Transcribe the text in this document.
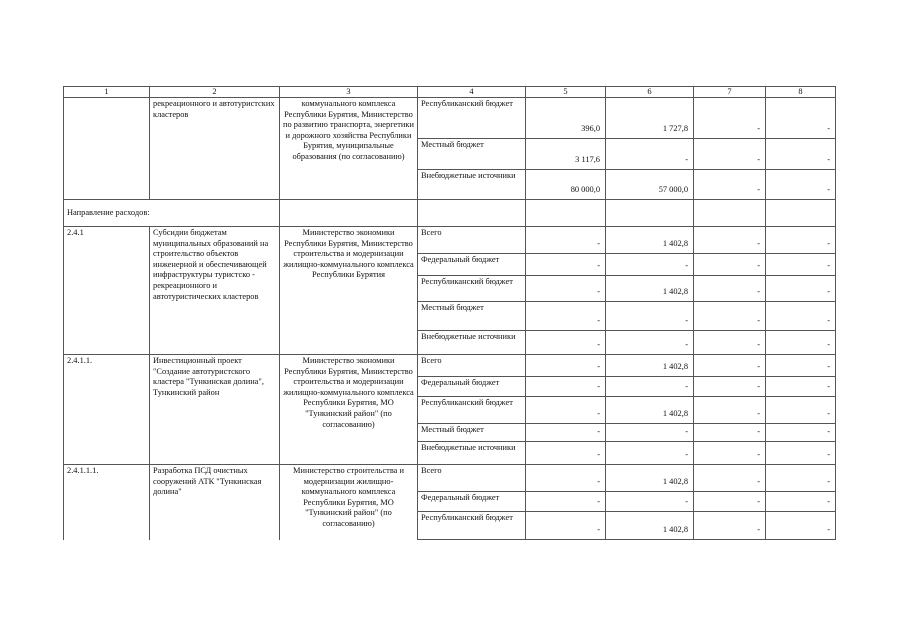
1	2	3	4	5	6	7	8
	рекреационного и автотуристских кластеров	коммунального комплекса Республики Бурятия, Министерство по развитию транспорта, энергетики и дорожного хозяйства Республики Бурятия, муниципальные образования (по согласованию)	Республиканский бюджет	396,0	1 727,8	-	-
			Местный бюджет	3 117,6	-	-	-
			Внебюджетные источники	80 000,0	57 000,0	-	-
Направление расходов:							
2.4.1	Субсидии бюджетам муниципальных образований на строительство объектов инженерной и обеспечивающей инфраструктуры туристско - рекреационного и автотуристических кластеров	Министерство экономики Республики Бурятия, Министерство строительства и модернизации жилищно-коммунального комплекса Республики Бурятия	Всего	-	1 402,8	-	-
			Федеральный бюджет	-	-	-	-
			Республиканский бюджет	-	1 402,8	-	-
			Местный бюджет	-	-	-	-
			Внебюджетные источники	-	-	-	-
2.4.1.1.	Инвестиционный проект "Создание автотуристского кластера "Тункинская долина", Тункинский район	Министерство экономики Республики Бурятия, Министерство строительства и модернизации жилищно-коммунального комплекса Республики Бурятия, МО "Тункинский район" (по согласованию)	Всего	-	1 402,8	-	-
			Федеральный бюджет	-	-	-	-
			Республиканский бюджет	-	1 402,8	-	-
			Местный бюджет	-	-	-	-
			Внебюджетные источники	-	-	-	-
2.4.1.1.1.	Разработка ПСД очистных сооружений АТК "Тункинская долина"	Министерство строительства и модернизации жилищно-коммунального комплекса Республики Бурятия, МО "Тункинский район" (по согласованию)	Всего	-	1 402,8	-	-
			Федеральный бюджет	-	-	-	-
			Республиканский бюджет	-	1 402,8	-	-
